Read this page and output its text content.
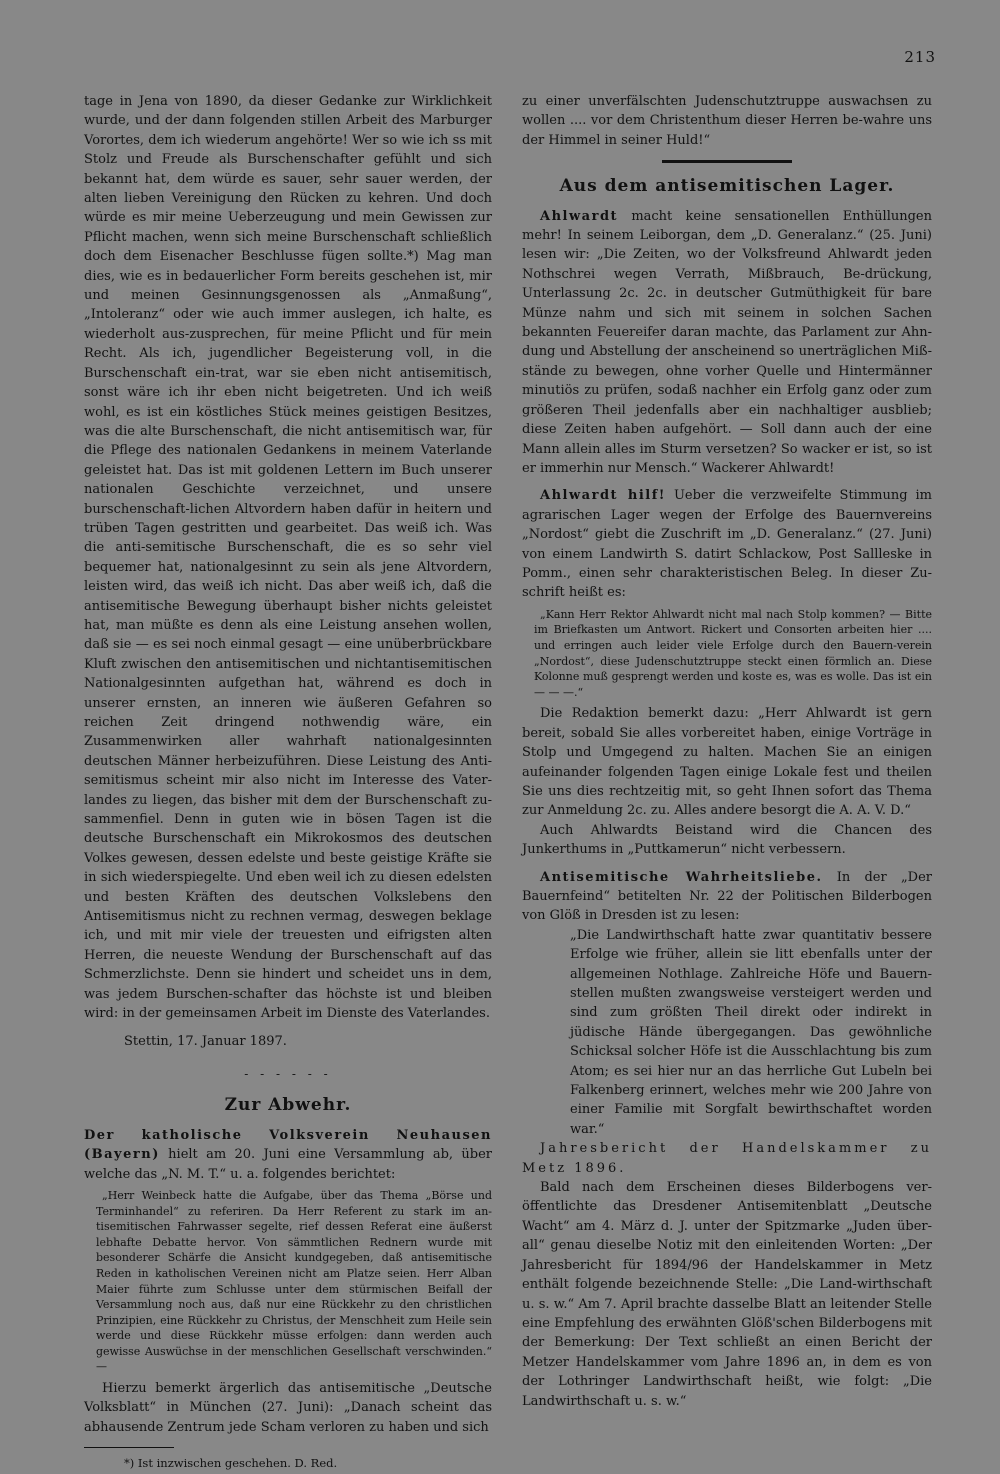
213

tage in Jena von 1890, da dieser Gedanke zur Wirklichkeit wurde, und der dann folgenden stillen Arbeit des Marburger Vorortes, dem ich wiederum angehörte! Wer so wie ich ss mit Stolz und Freude als Burschenschafter gefühlt und sich bekannt hat, dem würde es sauer, sehr sauer werden, der alten lieben Vereinigung den Rücken zu kehren. Und doch würde es mir meine Ueberzeugung und mein Gewissen zur Pflicht machen, wenn sich meine Burschenschaft schließlich doch dem Eisenacher Beschlusse fügen sollte.*) Mag man dies, wie es in bedauerlicher Form bereits geschehen ist, mir und meinen Gesinnungsgenossen als „Anmaßung“, „Intoleranz“ oder wie auch immer auslegen, ich halte, es wiederholt aus-zusprechen, für meine Pflicht und für mein Recht. Als ich, jugendlicher Begeisterung voll, in die Burschenschaft ein-trat, war sie eben nicht antisemitisch, sonst wäre ich ihr eben nicht beigetreten. Und ich weiß wohl, es ist ein köstliches Stück meines geistigen Besitzes, was die alte Burschenschaft, die nicht antisemitisch war, für die Pflege des nationalen Gedankens in meinem Vaterlande geleistet hat. Das ist mit goldenen Lettern im Buch unserer nationalen Geschichte verzeichnet, und unsere burschenschaft-lichen Altvordern haben dafür in heitern und trüben Tagen gestritten und gearbeitet. Das weiß ich. Was die anti-semitische Burschenschaft, die es so sehr viel bequemer hat, nationalgesinnt zu sein als jene Altvordern, leisten wird, das weiß ich nicht. Das aber weiß ich, daß die antisemitische Bewegung überhaupt bisher nichts geleistet hat, man müßte es denn als eine Leistung ansehen wollen, daß sie — es sei noch einmal gesagt — eine unüberbrückbare Kluft zwischen den antisemitischen und nichtantisemitischen Nationalgesinnten aufgethan hat, während es doch in unserer ernsten, an inneren wie äußeren Gefahren so reichen Zeit dringend nothwendig wäre, ein Zusammenwirken aller wahrhaft nationalgesinnten deutschen Männer herbeizuführen. Diese Leistung des Anti-semitismus scheint mir also nicht im Interesse des Vater-landes zu liegen, das bisher mit dem der Burschenschaft zu-sammenfiel. Denn in guten wie in bösen Tagen ist die deutsche Burschenschaft ein Mikrokosmos des deutschen Volkes gewesen, dessen edelste und beste geistige Kräfte sie in sich wiederspiegelte. Und eben weil ich zu diesen edelsten und besten Kräften des deutschen Volkslebens den Antisemitismus nicht zu rechnen vermag, deswegen beklage ich, und mit mir viele der treuesten und eifrigsten alten Herren, die neueste Wendung der Burschenschaft auf das Schmerzlichste. Denn sie hindert und scheidet uns in dem, was jedem Burschen-schafter das höchste ist und bleiben wird: in der gemeinsamen Arbeit im Dienste des Vaterlandes.

Stettin, 17. Januar 1897.

- - - - - -
Zur Abwehr.

Der katholische Volksverein Neuhausen (Bayern) hielt am 20. Juni eine Versammlung ab, über welche das „N. M. T.“ u. a. folgendes berichtet:

„Herr Weinbeck hatte die Aufgabe, über das Thema „Börse und Terminhandel“ zu referiren. Da Herr Referent zu stark im an-tisemitischen Fahrwasser segelte, rief dessen Referat eine äußerst lebhafte Debatte hervor. Von sämmtlichen Rednern wurde mit besonderer Schärfe die Ansicht kundgegeben, daß antisemitische Reden in katholischen Vereinen nicht am Platze seien. Herr Alban Maier führte zum Schlusse unter dem stürmischen Beifall der Versammlung noch aus, daß nur eine Rückkehr zu den christlichen Prinzipien, eine Rückkehr zu Christus, der Menschheit zum Heile sein werde und diese Rückkehr müsse erfolgen: dann werden auch gewisse Auswüchse in der menschlichen Gesellschaft verschwinden.“ —

Hierzu bemerkt ärgerlich das antisemitische „Deutsche Volksblatt“ in München (27. Juni): „Danach scheint das abhausende Zentrum jede Scham verloren zu haben und sich

*) Ist inzwischen geschehen. D. Red.

zu einer unverfälschten Judenschutztruppe auswachsen zu wollen .... vor dem Christenthum dieser Herren be-wahre uns der Himmel in seiner Huld!“

Aus dem antisemitischen Lager.

Ahlwardt macht keine sensationellen Enthüllungen mehr! In seinem Leiborgan, dem „D. Generalanz.“ (25. Juni) lesen wir: „Die Zeiten, wo der Volksfreund Ahlwardt jeden Nothschrei wegen Verrath, Mißbrauch, Be-drückung, Unterlassung 2c. 2c. in deutscher Gutmüthigkeit für bare Münze nahm und sich mit seinem in solchen Sachen bekannten Feuereifer daran machte, das Parlament zur Ahn-dung und Abstellung der anscheinend so unerträglichen Miß-stände zu bewegen, ohne vorher Quelle und Hintermänner minutiös zu prüfen, sodaß nachher ein Erfolg ganz oder zum größeren Theil jedenfalls aber ein nachhaltiger ausblieb; diese Zeiten haben aufgehört. — Soll dann auch der eine Mann allein alles im Sturm versetzen? So wacker er ist, so ist er immerhin nur Mensch.“ Wackerer Ahlwardt!

Ahlwardt hilf! Ueber die verzweifelte Stimmung im agrarischen Lager wegen der Erfolge des Bauernvereins „Nordost“ giebt die Zuschrift im „D. Generalanz.“ (27. Juni) von einem Landwirth S. datirt Schlackow, Post Sallleske in Pomm., einen sehr charakteristischen Beleg. In dieser Zu-schrift heißt es:

„Kann Herr Rektor Ahlwardt nicht mal nach Stolp kommen? — Bitte im Briefkasten um Antwort. Rickert und Consorten arbeiten hier .... und erringen auch leider viele Erfolge durch den Bauern-verein „Nordost“, diese Judenschutztruppe steckt einen förmlich an. Diese Kolonne muß gesprengt werden und koste es, was es wolle. Das ist ein — — —.“

Die Redaktion bemerkt dazu: „Herr Ahlwardt ist gern bereit, sobald Sie alles vorbereitet haben, einige Vorträge in Stolp und Umgegend zu halten. Machen Sie an einigen aufeinander folgenden Tagen einige Lokale fest und theilen Sie uns dies rechtzeitig mit, so geht Ihnen sofort das Thema zur Anmeldung 2c. zu. Alles andere besorgt die A. A. V. D.“

Auch Ahlwardts Beistand wird die Chancen des Junkerthums in „Puttkamerun“ nicht verbessern.

Antisemitische Wahrheitsliebe. In der „Der Bauernfeind“ betitelten Nr. 22 der Politischen Bilderbogen von Glöß in Dresden ist zu lesen:

„Die Landwirthschaft hatte zwar quantitativ bessere Erfolge wie früher, allein sie litt ebenfalls unter der allgemeinen Nothlage. Zahlreiche Höfe und Bauern-stellen mußten zwangsweise versteigert werden und sind zum größten Theil direkt oder indirekt in jüdische Hände übergegangen. Das gewöhnliche Schicksal solcher Höfe ist die Ausschlachtung bis zum Atom; es sei hier nur an das herrliche Gut Lubeln bei Falkenberg erinnert, welches mehr wie 200 Jahre von einer Familie mit Sorgfalt bewirthschaftet worden war.“

Jahresbericht der Handelskammer zu Metz 1896.

Bald nach dem Erscheinen dieses Bilderbogens ver-öffentlichte das Dresdener Antisemitenblatt „Deutsche Wacht“ am 4. März d. J. unter der Spitzmarke „Juden über-all“ genau dieselbe Notiz mit den einleitenden Worten: „Der Jahresbericht für 1894/96 der Handelskammer in Metz enthält folgende bezeichnende Stelle: „Die Land-wirthschaft u. s. w.“ Am 7. April brachte dasselbe Blatt an leitender Stelle eine Empfehlung des erwähnten Glöß'schen Bilderbogens mit der Bemerkung: Der Text schließt an einen Bericht der Metzer Handelskammer vom Jahre 1896 an, in dem es von der Lothringer Landwirthschaft heißt, wie folgt: „Die Landwirthschaft u. s. w.“
